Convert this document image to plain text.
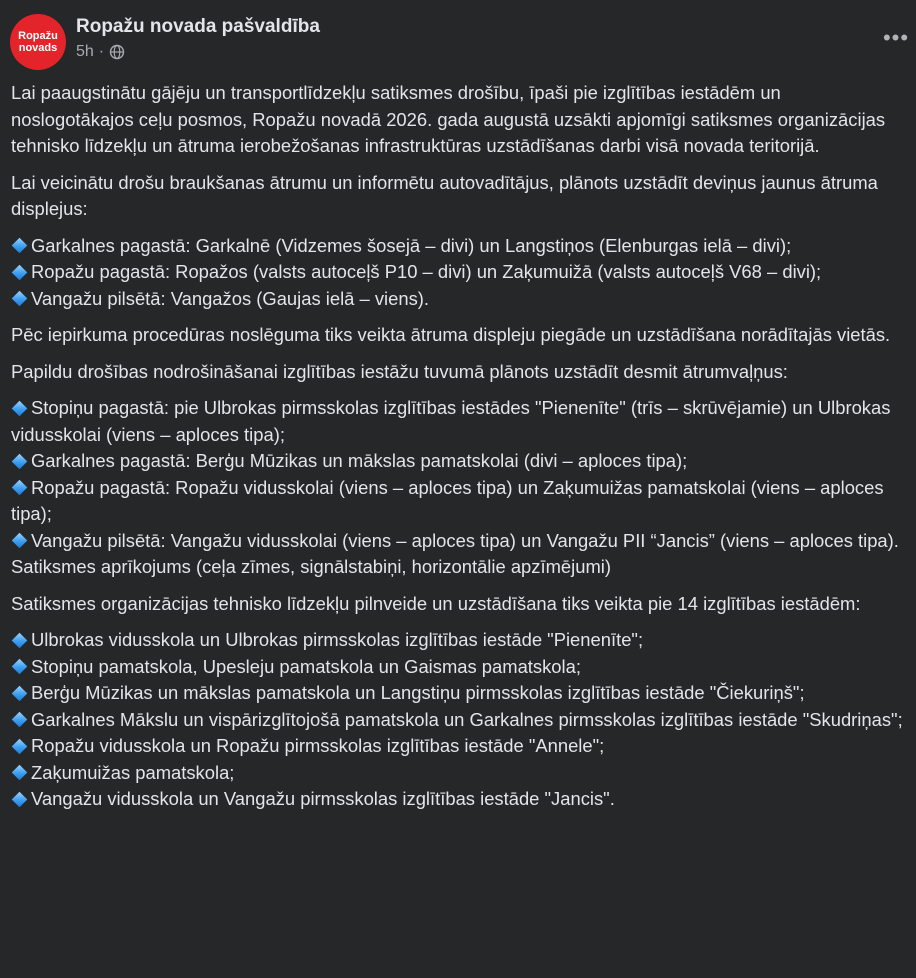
Ropažu
novads
Ropažu novada pašvaldība
5h ·
•••

Lai paaugstinātu gājēju un transportlīdzekļu satiksmes drošību, īpaši pie izglītības iestādēm un noslogotākajos ceļu posmos, Ropažu novadā 2026. gada augustā uzsākti apjomīgi satiksmes organizācijas tehnisko līdzekļu un ātruma ierobežošanas infrastruktūras uzstādīšanas darbi visā novada teritorijā.

Lai veicinātu drošu braukšanas ātrumu un informētu autovadītājus, plānots uzstādīt deviņus jaunus ātruma displejus:

Garkalnes pagastā: Garkalnē (Vidzemes šosejā – divi) un Langstiņos (Elenburgas ielā – divi);
Ropažu pagastā: Ropažos (valsts autoceļš P10 – divi) un Zaķumuižā (valsts autoceļš V68 – divi);
Vangažu pilsētā: Vangažos (Gaujas ielā – viens).

Pēc iepirkuma procedūras noslēguma tiks veikta ātruma displeju piegāde un uzstādīšana norādītajās vietās.

Papildu drošības nodrošināšanai izglītības iestāžu tuvumā plānots uzstādīt desmit ātrumvaļņus:

Stopiņu pagastā: pie Ulbrokas pirmsskolas izglītības iestādes "Pienenīte" (trīs – skrūvējamie) un Ulbrokas vidusskolai (viens – aploces tipa);
Garkalnes pagastā: Berģu Mūzikas un mākslas pamatskolai (divi – aploces tipa);
Ropažu pagastā: Ropažu vidusskolai (viens – aploces tipa) un Zaķumuižas pamatskolai (viens – aploces tipa);
Vangažu pilsētā: Vangažu vidusskolai (viens – aploces tipa) un Vangažu PII “Jancis” (viens – aploces tipa).
Satiksmes aprīkojums (ceļa zīmes, signālstabiņi, horizontālie apzīmējumi)

Satiksmes organizācijas tehnisko līdzekļu pilnveide un uzstādīšana tiks veikta pie 14 izglītības iestādēm:

Ulbrokas vidusskola un Ulbrokas pirmsskolas izglītības iestāde "Pienenīte";
Stopiņu pamatskola, Upesleju pamatskola un Gaismas pamatskola;
Berģu Mūzikas un mākslas pamatskola un Langstiņu pirmsskolas izglītības iestāde "Čiekuriņš";
Garkalnes Mākslu un vispārizglītojošā pamatskola un Garkalnes pirmsskolas izglītības iestāde "Skudriņas";
Ropažu vidusskola un Ropažu pirmsskolas izglītības iestāde "Annele";
Zaķumuižas pamatskola;
Vangažu vidusskola un Vangažu pirmsskolas izglītības iestāde "Jancis".
